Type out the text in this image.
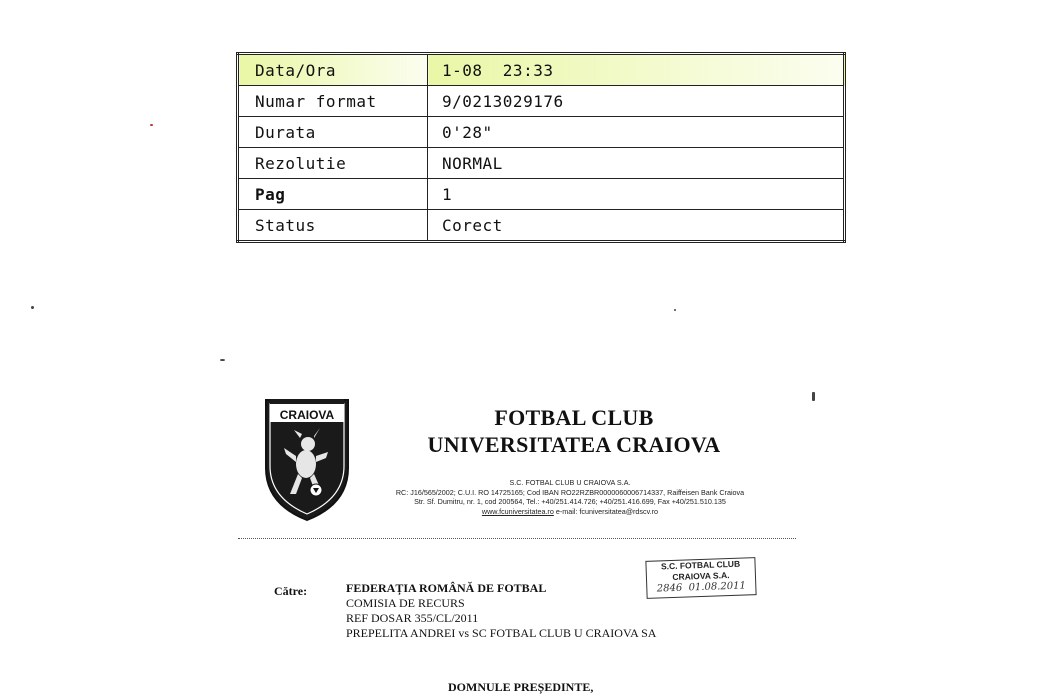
Data/Ora	1-08  23:33
Numar format	9/0213029176
Durata	0'28"
Rezolutie	NORMAL
Pag	1
Status	Corect
CRAIOVA	FOTBAL CLUB
UNIVERSITATEA CRAIOVA
S.C. FOTBAL CLUB U CRAIOVA S.A.
RC: J16/565/2002; C.U.I. RO 14725165; Cod IBAN RO22RZBR0000060006714337, Raiffeisen Bank Craiova
Str. Sf. Dumitru, nr. 1, cod 200564, Tel.: +40/251.414.726; +40/251.416.699, Fax +40/251.510.135
www.fcuniversitatea.ro e-mail: fcuniversitatea@rdscv.ro
S.C. FOTBAL CLUB
CRAIOVA S.A.
2846  01.08.2011
Către:	FEDERAȚIA ROMÂNĂ DE FOTBAL
COMISIA DE RECURS
REF DOSAR 355/CL/2011
PREPELITA ANDREI vs SC FOTBAL CLUB U CRAIOVA SA
DOMNULE PREȘEDINTE,
